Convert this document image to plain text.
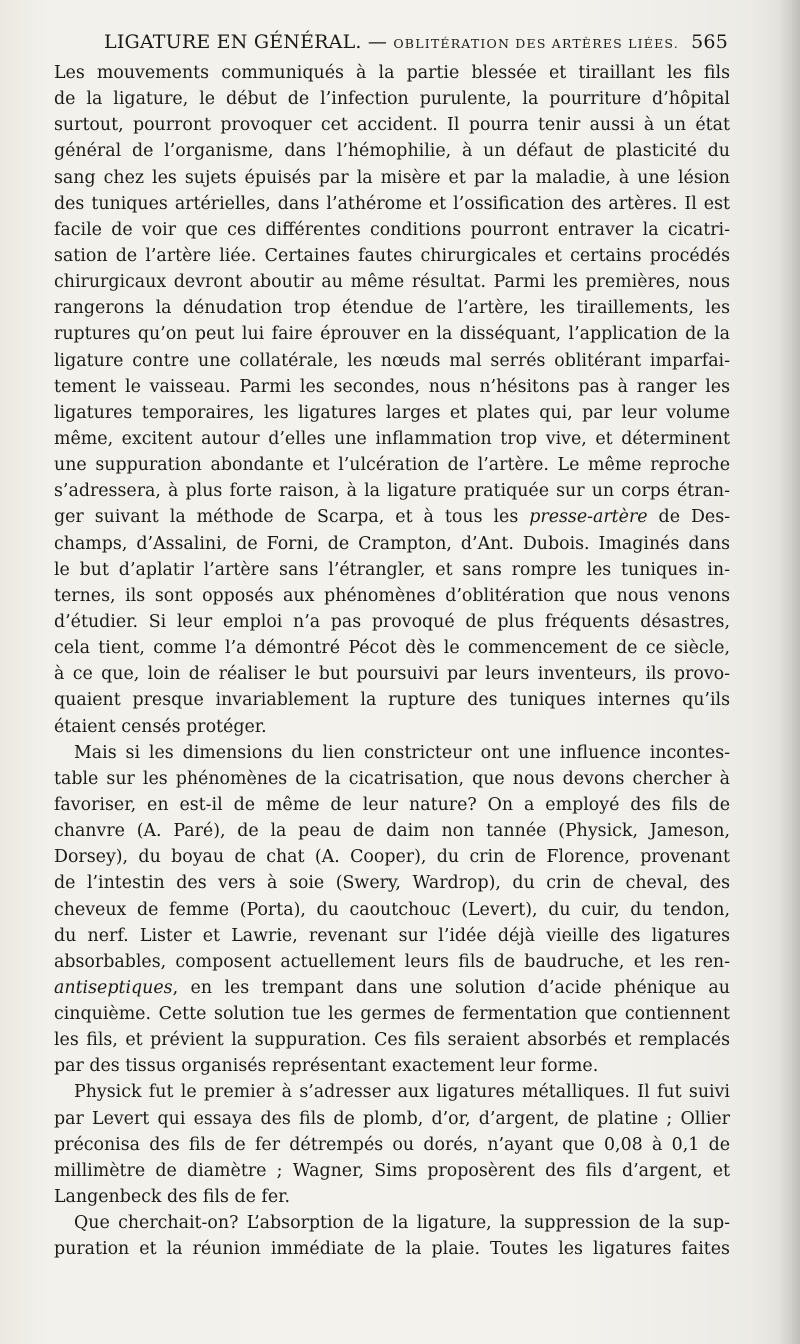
LIGATURE EN GÉNÉRAL. — OBLITÉRATION DES ARTÈRES LIÉES. 565
Les mouvements communiqués à la partie blessée et tiraillant les fils
de la ligature, le début de l’infection purulente, la pourriture d’hôpital
surtout, pourront provoquer cet accident. Il pourra tenir aussi à un état
général de l’organisme, dans l’hémophilie, à un défaut de plasticité du
sang chez les sujets épuisés par la misère et par la maladie, à une lésion
des tuniques artérielles, dans l’athérome et l’ossification des artères. Il est
facile de voir que ces différentes conditions pourront entraver la cicatri-
sation de l’artère liée. Certaines fautes chirurgicales et certains procédés
chirurgicaux devront aboutir au même résultat. Parmi les premières, nous
rangerons la dénudation trop étendue de l’artère, les tiraillements, les
ruptures qu’on peut lui faire éprouver en la disséquant, l’application de la
ligature contre une collatérale, les nœuds mal serrés oblitérant imparfai-
tement le vaisseau. Parmi les secondes, nous n’hésitons pas à ranger les
ligatures temporaires, les ligatures larges et plates qui, par leur volume
même, excitent autour d’elles une inflammation trop vive, et déterminent
une suppuration abondante et l’ulcération de l’artère. Le même reproche
s’adressera, à plus forte raison, à la ligature pratiquée sur un corps étran-
ger suivant la méthode de Scarpa, et à tous les presse-artère de Des-
champs, d’Assalini, de Forni, de Crampton, d’Ant. Dubois. Imaginés dans
le but d’aplatir l’artère sans l’étrangler, et sans rompre les tuniques in-
ternes, ils sont opposés aux phénomènes d’oblitération que nous venons
d’étudier. Si leur emploi n’a pas provoqué de plus fréquents désastres,
cela tient, comme l’a démontré Pécot dès le commencement de ce siècle,
à ce que, loin de réaliser le but poursuivi par leurs inventeurs, ils provo-
quaient presque invariablement la rupture des tuniques internes qu’ils
étaient censés protéger.
Mais si les dimensions du lien constricteur ont une influence incontes-
table sur les phénomènes de la cicatrisation, que nous devons chercher à
favoriser, en est-il de même de leur nature? On a employé des fils de
chanvre (A. Paré), de la peau de daim non tannée (Physick, Jameson,
Dorsey), du boyau de chat (A. Cooper), du crin de Florence, provenant
de l’intestin des vers à soie (Swery, Wardrop), du crin de cheval, des
cheveux de femme (Porta), du caoutchouc (Levert), du cuir, du tendon,
du nerf. Lister et Lawrie, revenant sur l’idée déjà vieille des ligatures
absorbables, composent actuellement leurs fils de baudruche, et les ren-
antiseptiques, en les trempant dans une solution d’acide phénique au
cinquième. Cette solution tue les germes de fermentation que contiennent
les fils, et prévient la suppuration. Ces fils seraient absorbés et remplacés
par des tissus organisés représentant exactement leur forme.
Physick fut le premier à s’adresser aux ligatures métalliques. Il fut suivi
par Levert qui essaya des fils de plomb, d’or, d’argent, de platine ; Ollier
préconisa des fils de fer détrempés ou dorés, n’ayant que 0,08 à 0,1 de
millimètre de diamètre ; Wagner, Sims proposèrent des fils d’argent, et
Langenbeck des fils de fer.
Que cherchait-on? L’absorption de la ligature, la suppression de la sup-
puration et la réunion immédiate de la plaie. Toutes les ligatures faites
